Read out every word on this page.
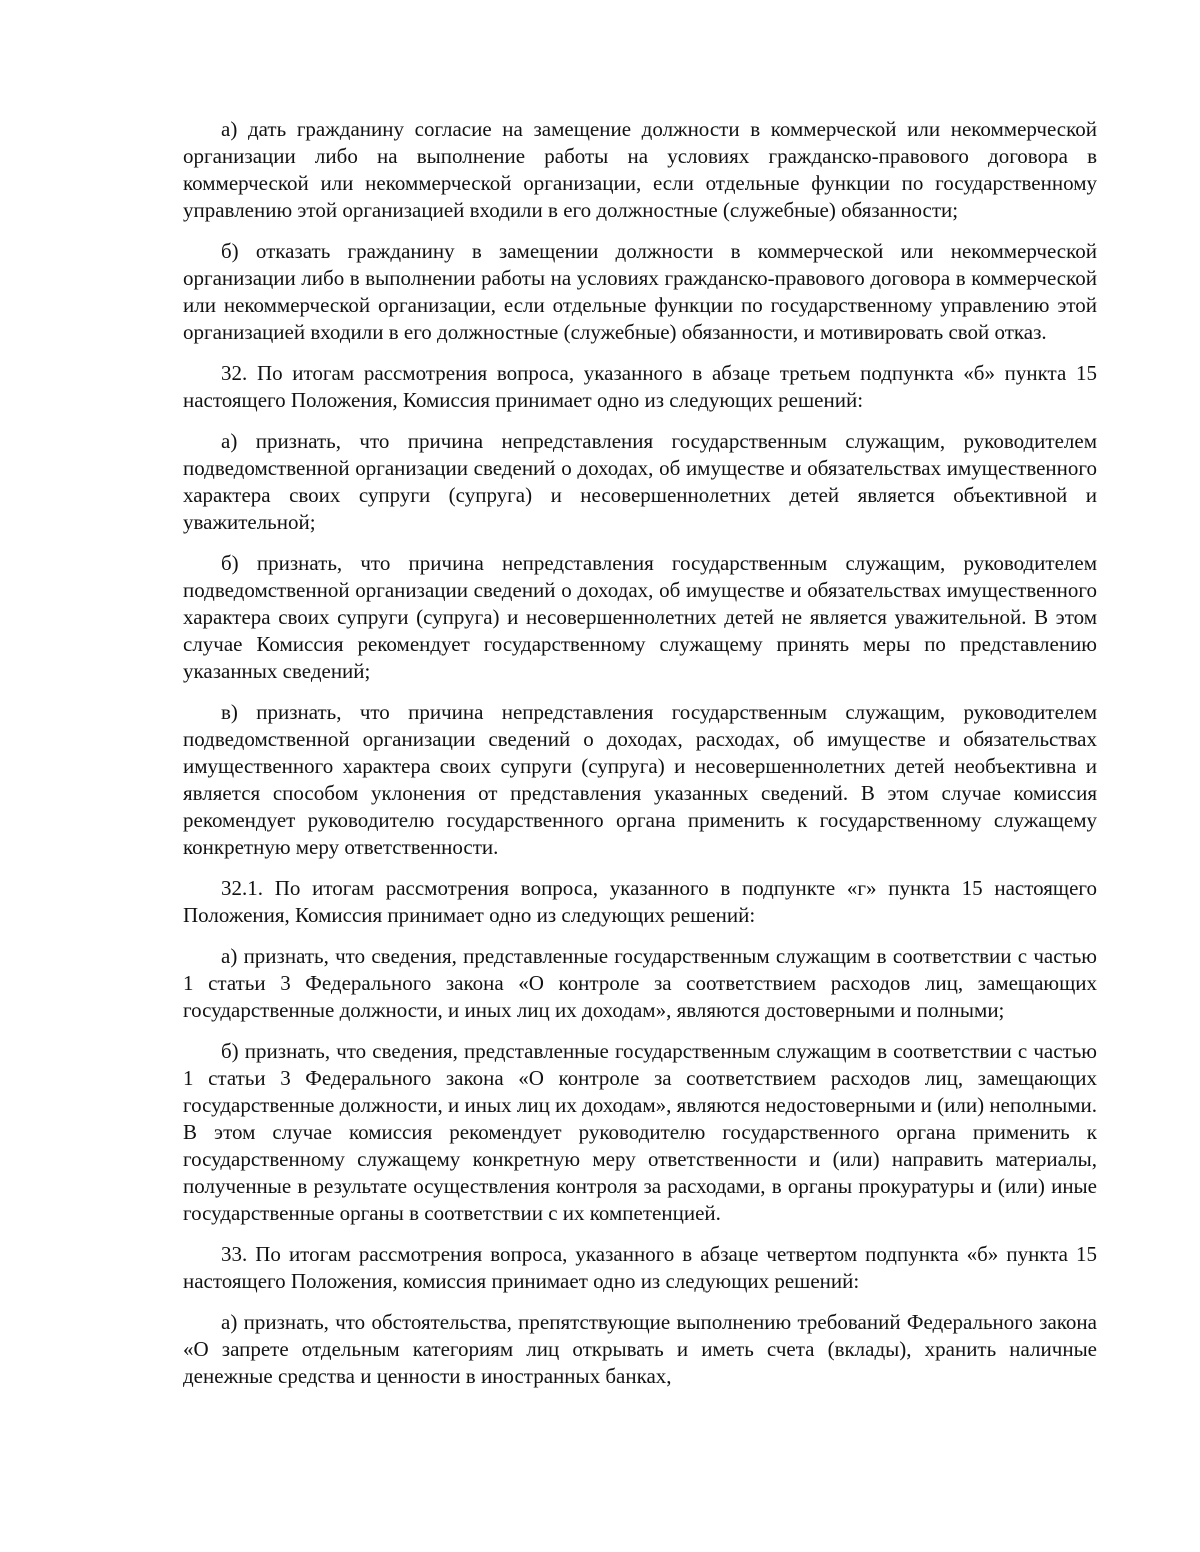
а) дать гражданину согласие на замещение должности в коммерческой или некоммерческой организации либо на выполнение работы на условиях гражданско-правового договора в коммерческой или некоммерческой организации, если отдельные функции по государственному управлению этой организацией входили в его должностные (служебные) обязанности;

б) отказать гражданину в замещении должности в коммерческой или некоммерческой организации либо в выполнении работы на условиях гражданско-правового договора в коммерческой или некоммерческой организации, если отдельные функции по государственному управлению этой организацией входили в его должностные (служебные) обязанности, и мотивировать свой отказ.

32. По итогам рассмотрения вопроса, указанного в абзаце третьем подпункта «б» пункта 15 настоящего Положения, Комиссия принимает одно из следующих решений:

а) признать, что причина непредставления государственным служащим, руководителем подведомственной организации сведений о доходах, об имуществе и обязательствах имущественного характера своих супруги (супруга) и несовершеннолетних детей является объективной и уважительной;

б) признать, что причина непредставления государственным служащим, руководителем подведомственной организации сведений о доходах, об имуществе и обязательствах имущественного характера своих супруги (супруга) и несовершеннолетних детей не является уважительной. В этом случае Комиссия рекомендует государственному служащему принять меры по представлению указанных сведений;

в) признать, что причина непредставления государственным служащим, руководителем подведомственной организации сведений о доходах, расходах, об имуществе и обязательствах имущественного характера своих супруги (супруга) и несовершеннолетних детей необъективна и является способом уклонения от представления указанных сведений. В этом случае комиссия рекомендует руководителю государственного органа применить к государственному служащему конкретную меру ответственности.

32.1. По итогам рассмотрения вопроса, указанного в подпункте «г» пункта 15 настоящего Положения, Комиссия принимает одно из следующих решений:

а) признать, что сведения, представленные государственным служащим в соответствии с частью 1 статьи 3 Федерального закона «О контроле за соответствием расходов лиц, замещающих государственные должности, и иных лиц их доходам», являются достоверными и полными;

б) признать, что сведения, представленные государственным служащим в соответствии с частью 1 статьи 3 Федерального закона «О контроле за соответствием расходов лиц, замещающих государственные должности, и иных лиц их доходам», являются недостоверными и (или) неполными. В этом случае комиссия рекомендует руководителю государственного органа применить к государственному служащему конкретную меру ответственности и (или) направить материалы, полученные в результате осуществления контроля за расходами, в органы прокуратуры и (или) иные государственные органы в соответствии с их компетенцией.

33. По итогам рассмотрения вопроса, указанного в абзаце четвертом подпункта «б» пункта 15 настоящего Положения, комиссия принимает одно из следующих решений:

а) признать, что обстоятельства, препятствующие выполнению требований Федерального закона «О запрете отдельным категориям лиц открывать и иметь счета (вклады), хранить наличные денежные средства и ценности в иностранных банках,
